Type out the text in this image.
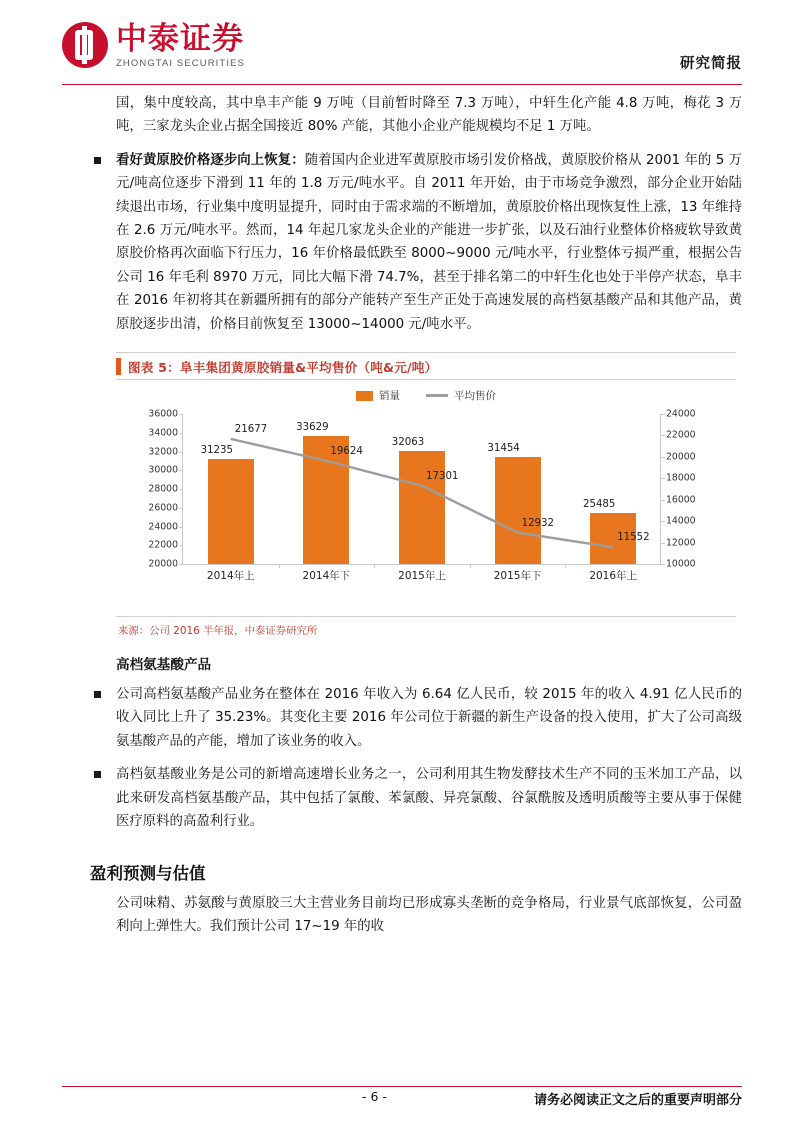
中泰证券
ZHONGTAI SECURITIES	研究简报

国，集中度较高，其中阜丰产能 9 万吨（目前暂时降至 7.3 万吨），中轩生化产能 4.8 万吨，梅花 3 万吨，三家龙头企业占据全国接近 80% 产能，其他小企业产能规模均不足 1 万吨。

看好黄原胶价格逐步向上恢复：随着国内企业进军黄原胶市场引发价格战，黄原胶价格从 2001 年的 5 万元/吨高位逐步下滑到 11 年的 1.8 万元/吨水平。自 2011 年开始，由于市场竞争激烈，部分企业开始陆续退出市场，行业集中度明显提升，同时由于需求端的不断增加，黄原胶价格出现恢复性上涨，13 年维持在 2.6 万元/吨水平。然而，14 年起几家龙头企业的产能进一步扩张，以及石油行业整体价格疲软导致黄原胶价格再次面临下行压力，16 年价格最低跌至 8000~9000 元/吨水平，行业整体亏损严重，根据公告公司 16 年毛利 8970 万元，同比大幅下滑 74.7%，甚至于排名第二的中轩生化也处于半停产状态，阜丰在 2016 年初将其在新疆所拥有的部分产能转产至生产正处于高速发展的高档氨基酸产品和其他产品，黄原胶逐步出清，价格目前恢复至 13000~14000 元/吨水平。

图表 5：阜丰集团黄原胶销量&平均售价（吨&元/吨）
销量	平均售价
20000
22000
24000
26000
28000
30000
32000
34000
36000
31235
33629
32063
31454
25485
21677
19624
17301
12932
11552
2014年上	2014年下	2015年上	2015年下	2016年上
10000
12000
14000
16000
18000
20000
22000
24000
来源：公司 2016 半年报，中泰证券研究所
高档氨基酸产品

公司高档氨基酸产品业务在整体在 2016 年收入为 6.64 亿人民币，较 2015 年的收入 4.91 亿人民币的收入同比上升了 35.23%。其变化主要 2016 年公司位于新疆的新生产设备的投入使用，扩大了公司高级氨基酸产品的产能，增加了该业务的收入。

高档氨基酸业务是公司的新增高速增长业务之一，公司利用其生物发酵技术生产不同的玉米加工产品，以此来研发高档氨基酸产品，其中包括了氯酸、苯氯酸、异亮氯酸、谷氯酰胺及透明质酸等主要从事于保健医疗原料的高盈利行业。

盈利预测与估值

公司味精、苏氨酸与黄原胶三大主营业务目前均已形成寡头垄断的竞争格局，行业景气底部恢复，公司盈利向上弹性大。我们预计公司 17~19 年的收

- 6 -	请务必阅读正文之后的重要声明部分
